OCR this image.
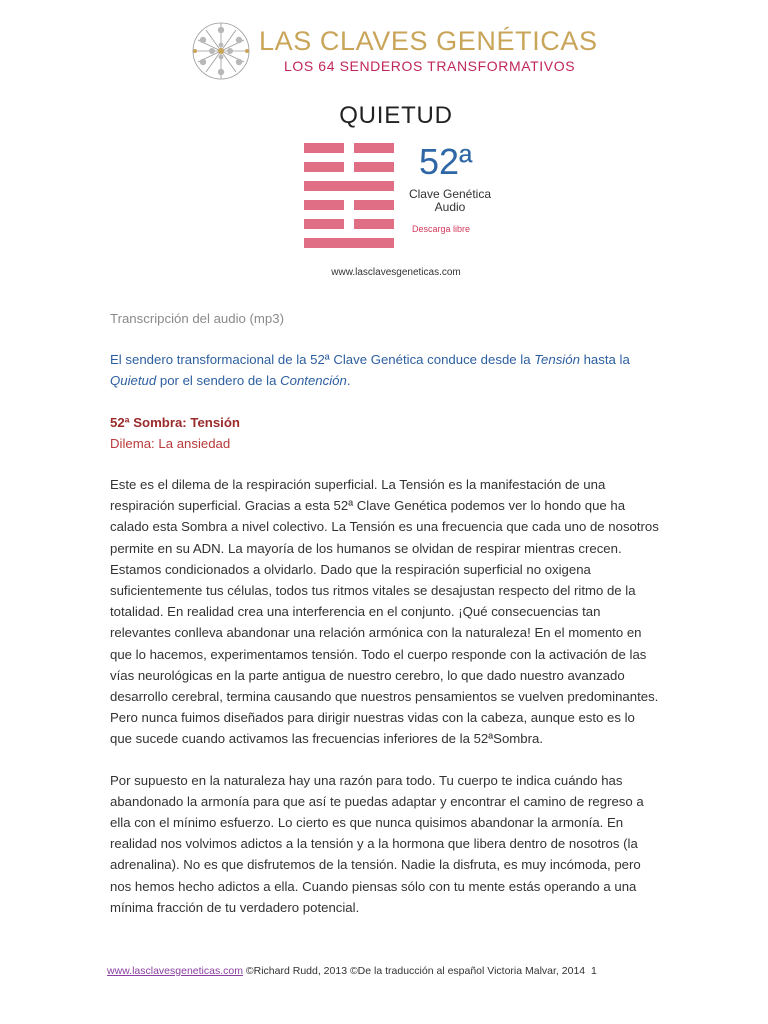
LAS CLAVES GENÉTICAS
LOS 64 SENDEROS TRANSFORMATIVOS
QUIETUD
52ª
Clave Genética
Audio
Descarga libre
www.lasclavesgeneticas.com

Transcripción del audio (mp3)

El sendero transformacional de la 52ª Clave Genética conduce desde la Tensión hasta la Quietud por el sendero de la Contención.

52ª Sombra: Tensión

Dilema: La ansiedad

Este es el dilema de la respiración superficial. La Tensión es la manifestación de una respiración superficial. Gracias a esta 52ª Clave Genética podemos ver lo hondo que ha calado esta Sombra a nivel colectivo. La Tensión es una frecuencia que cada uno de nosotros permite en su ADN. La mayoría de los humanos se olvidan de respirar mientras crecen. Estamos condicionados a olvidarlo. Dado que la respiración superficial no oxigena suficientemente tus células, todos tus ritmos vitales se desajustan respecto del ritmo de la totalidad. En realidad crea una interferencia en el conjunto. ¡Qué consecuencias tan relevantes conlleva abandonar una relación armónica con la naturaleza! En el momento en que lo hacemos, experimentamos tensión. Todo el cuerpo responde con la activación de las vías neurológicas en la parte antigua de nuestro cerebro, lo que dado nuestro avanzado desarrollo cerebral, termina causando que nuestros pensamientos se vuelven predominantes. Pero nunca fuimos diseñados para dirigir nuestras vidas con la cabeza, aunque esto es lo que sucede cuando activamos las frecuencias inferiores de la 52ªSombra.

Por supuesto en la naturaleza hay una razón para todo. Tu cuerpo te indica cuándo has abandonado la armonía para que así te puedas adaptar y encontrar el camino de regreso a ella con el mínimo esfuerzo. Lo cierto es que nunca quisimos abandonar la armonía. En realidad nos volvimos adictos a la tensión y a la hormona que libera dentro de nosotros (la adrenalina). No es que disfrutemos de la tensión. Nadie la disfruta, es muy incómoda, pero nos hemos hecho adictos a ella. Cuando piensas sólo con tu mente estás operando a una mínima fracción de tu verdadero potencial.

www.lasclavesgeneticas.com ©Richard Rudd, 2013 ©De la traducción al español Victoria Malvar, 2014 1
